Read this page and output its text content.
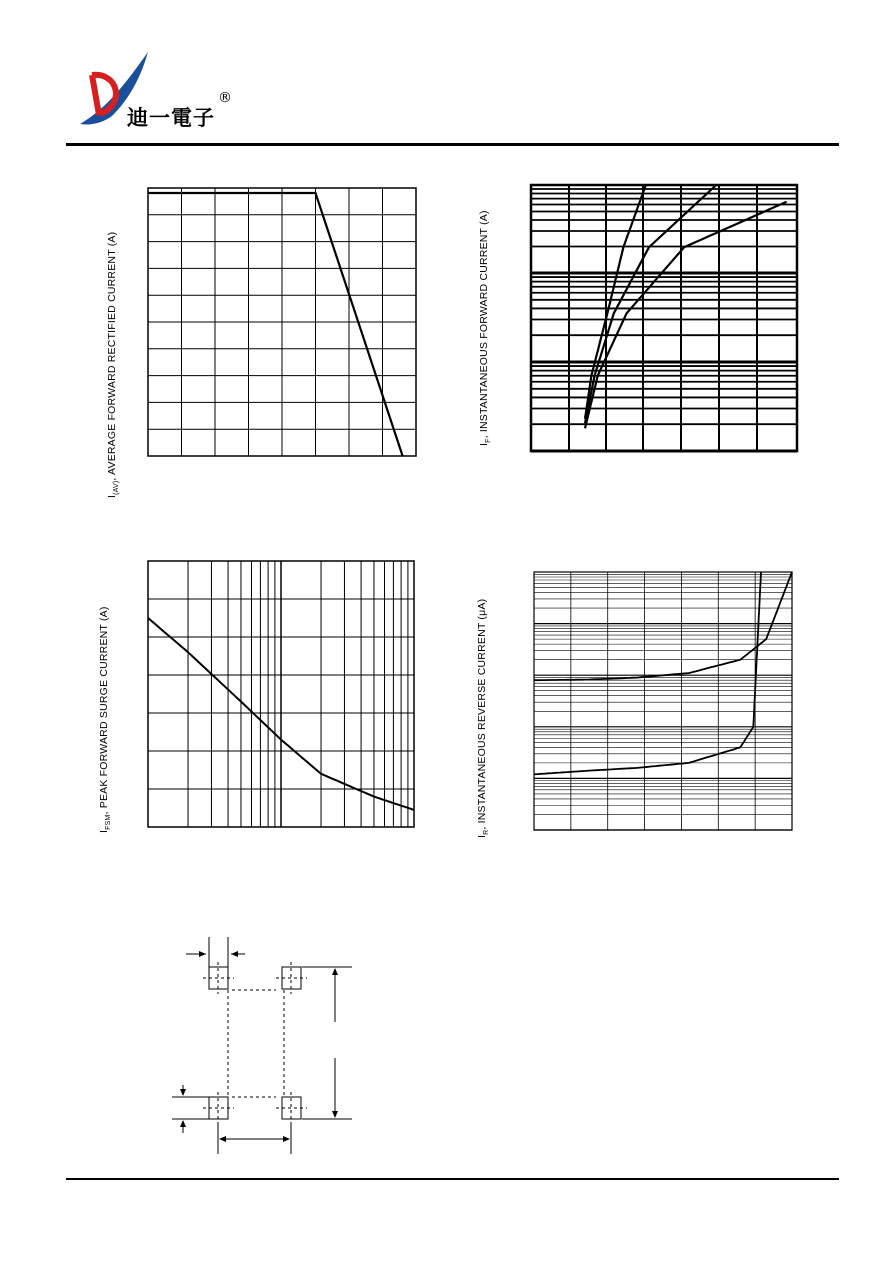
迪一電子
®
$I_{(AV)}$, AVERAGE FORWARD RECTIFIED CURRENT (A)	$I_F$, INSTANTANEOUS FORWARD CURRENT (A)
$I_{FSM}$, PEAK FORWARD SURGE CURRENT (A)
$I_R$, INSTANTANEOUS REVERSE CURRENT (μA)
